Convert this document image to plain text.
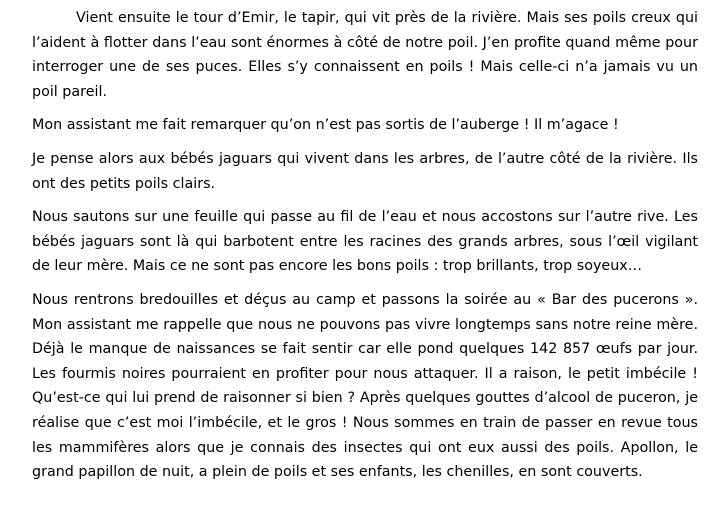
Vient ensuite le tour d’Emir, le tapir, qui vit près de la rivière. Mais ses poils creux qui l’aident à flotter dans l’eau sont énormes à côté de notre poil. J’en profite quand même pour interroger une de ses puces. Elles s’y connaissent en poils ! Mais celle-ci n’a jamais vu un poil pareil.

Mon assistant me fait remarquer qu’on n’est pas sortis de l’auberge ! Il m’agace !

Je pense alors aux bébés jaguars qui vivent dans les arbres, de l’autre côté de la rivière. Ils ont des petits poils clairs.

Nous sautons sur une feuille qui passe au fil de l’eau et nous accostons sur l’autre rive. Les bébés jaguars sont là qui barbotent entre les racines des grands arbres, sous l’œil vigilant de leur mère. Mais ce ne sont pas encore les bons poils : trop brillants, trop soyeux…

Nous rentrons bredouilles et déçus au camp et passons la soirée au « Bar des pucerons ». Mon assistant me rappelle que nous ne pouvons pas vivre longtemps sans notre reine mère. Déjà le manque de naissances se fait sentir car elle pond quelques 142 857 œufs par jour. Les fourmis noires pourraient en profiter pour nous attaquer. Il a raison, le petit imbécile ! Qu’est-ce qui lui prend de raisonner si bien ? Après quelques gouttes d’alcool de puceron, je réalise que c’est moi l’imbécile, et le gros ! Nous sommes en train de passer en revue tous les mammifères alors que je connais des insectes qui ont eux aussi des poils. Apollon, le grand papillon de nuit, a plein de poils et ses enfants, les chenilles, en sont couverts.
